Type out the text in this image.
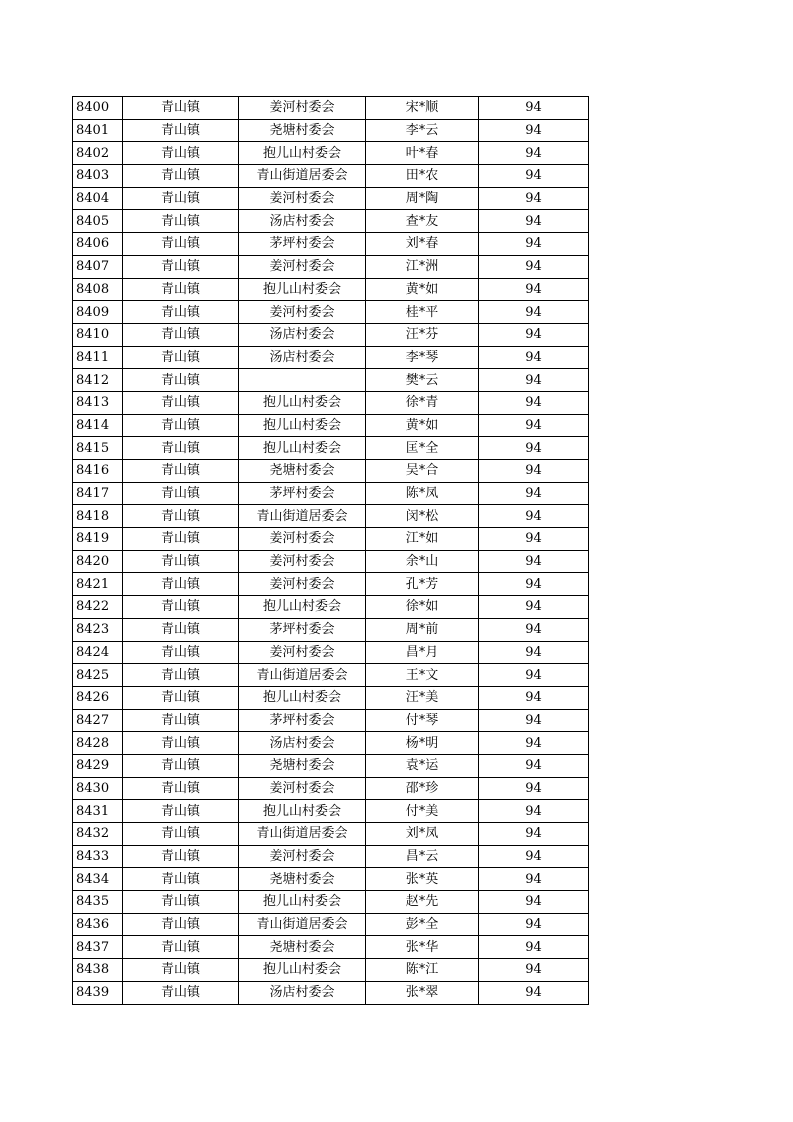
8400	青山镇	姜河村委会	宋*顺	94
8401	青山镇	尧塘村委会	李*云	94
8402	青山镇	抱儿山村委会	叶*春	94
8403	青山镇	青山街道居委会	田*农	94
8404	青山镇	姜河村委会	周*陶	94
8405	青山镇	汤店村委会	查*友	94
8406	青山镇	茅坪村委会	刘*春	94
8407	青山镇	姜河村委会	江*洲	94
8408	青山镇	抱儿山村委会	黄*如	94
8409	青山镇	姜河村委会	桂*平	94
8410	青山镇	汤店村委会	汪*芬	94
8411	青山镇	汤店村委会	李*琴	94
8412	青山镇		樊*云	94
8413	青山镇	抱儿山村委会	徐*青	94
8414	青山镇	抱儿山村委会	黄*如	94
8415	青山镇	抱儿山村委会	匡*全	94
8416	青山镇	尧塘村委会	吴*合	94
8417	青山镇	茅坪村委会	陈*凤	94
8418	青山镇	青山街道居委会	闵*松	94
8419	青山镇	姜河村委会	江*如	94
8420	青山镇	姜河村委会	余*山	94
8421	青山镇	姜河村委会	孔*芳	94
8422	青山镇	抱儿山村委会	徐*如	94
8423	青山镇	茅坪村委会	周*前	94
8424	青山镇	姜河村委会	昌*月	94
8425	青山镇	青山街道居委会	王*文	94
8426	青山镇	抱儿山村委会	汪*美	94
8427	青山镇	茅坪村委会	付*琴	94
8428	青山镇	汤店村委会	杨*明	94
8429	青山镇	尧塘村委会	袁*运	94
8430	青山镇	姜河村委会	邵*珍	94
8431	青山镇	抱儿山村委会	付*美	94
8432	青山镇	青山街道居委会	刘*凤	94
8433	青山镇	姜河村委会	昌*云	94
8434	青山镇	尧塘村委会	张*英	94
8435	青山镇	抱儿山村委会	赵*先	94
8436	青山镇	青山街道居委会	彭*全	94
8437	青山镇	尧塘村委会	张*华	94
8438	青山镇	抱儿山村委会	陈*江	94
8439	青山镇	汤店村委会	张*翠	94
